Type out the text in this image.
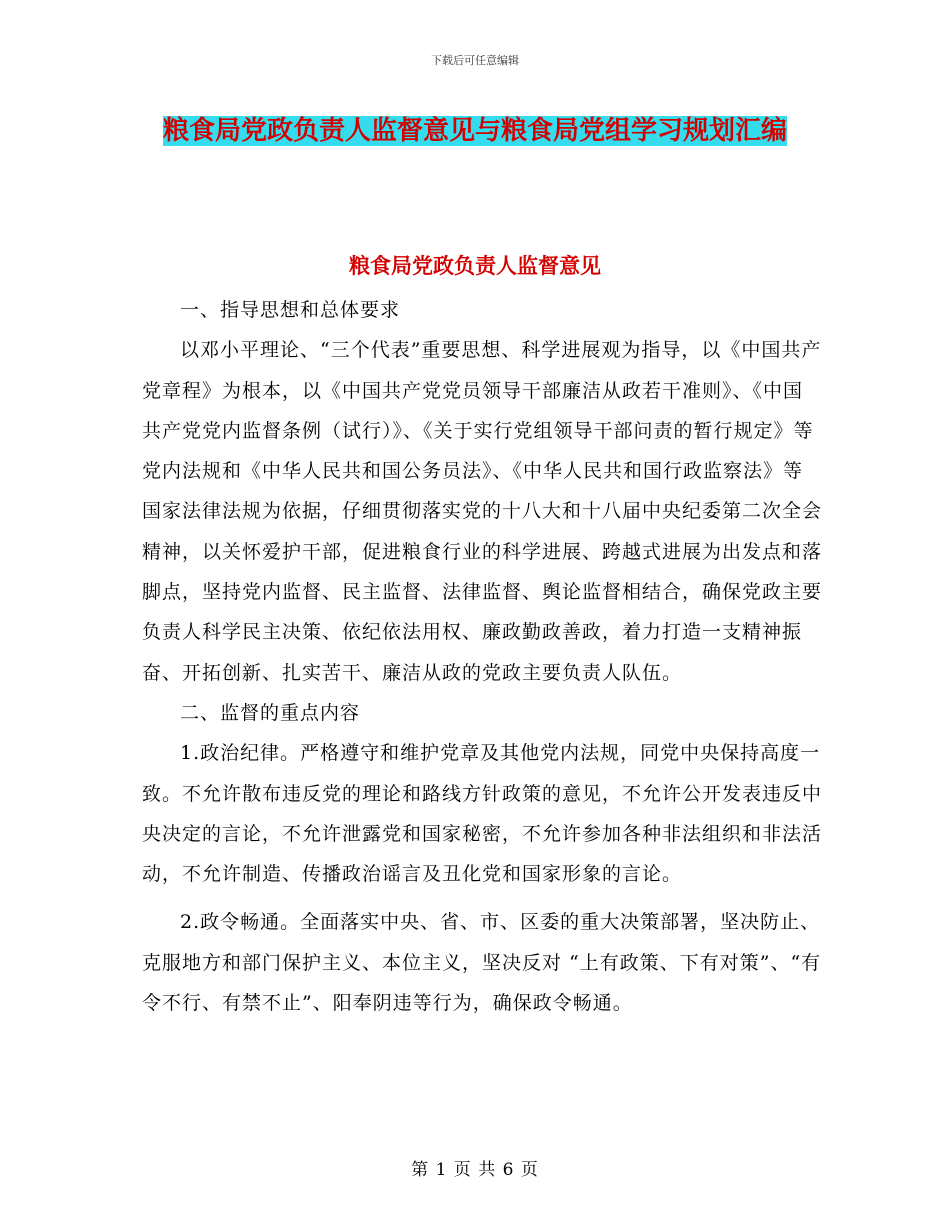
下载后可任意编辑
粮食局党政负责人监督意见与粮食局党组学习规划汇编
粮食局党政负责人监督意见

一、指导思想和总体要求

以邓小平理论、“三个代表”重要思想、科学进展观为指导，以《中国共产党章程》为根本，以《中国共产党党员领导干部廉洁从政若干准则》、《中国共产党党内监督条例（试行）》、《关于实行党组领导干部问责的暂行规定》等党内法规和《中华人民共和国公务员法》、《中华人民共和国行政监察法》等国家法律法规为依据，仔细贯彻落实党的十八大和十八届中央纪委第二次全会精神，以关怀爱护干部，促进粮食行业的科学进展、跨越式进展为出发点和落脚点，坚持党内监督、民主监督、法律监督、舆论监督相结合，确保党政主要负责人科学民主决策、依纪依法用权、廉政勤政善政，着力打造一支精神振奋、开拓创新、扎实苦干、廉洁从政的党政主要负责人队伍。

二、监督的重点内容

1.政治纪律。严格遵守和维护党章及其他党内法规，同党中央保持高度一致。不允许散布违反党的理论和路线方针政策的意见，不允许公开发表违反中央决定的言论，不允许泄露党和国家秘密，不允许参加各种非法组织和非法活动，不允许制造、传播政治谣言及丑化党和国家形象的言论。

2.政令畅通。全面落实中央、省、市、区委的重大决策部署，坚决防止、克服地方和部门保护主义、本位主义，坚决反对 “上有政策、下有对策”、“有令不行、有禁不止”、阳奉阴违等行为，确保政令畅通。

第 1 页 共 6 页
